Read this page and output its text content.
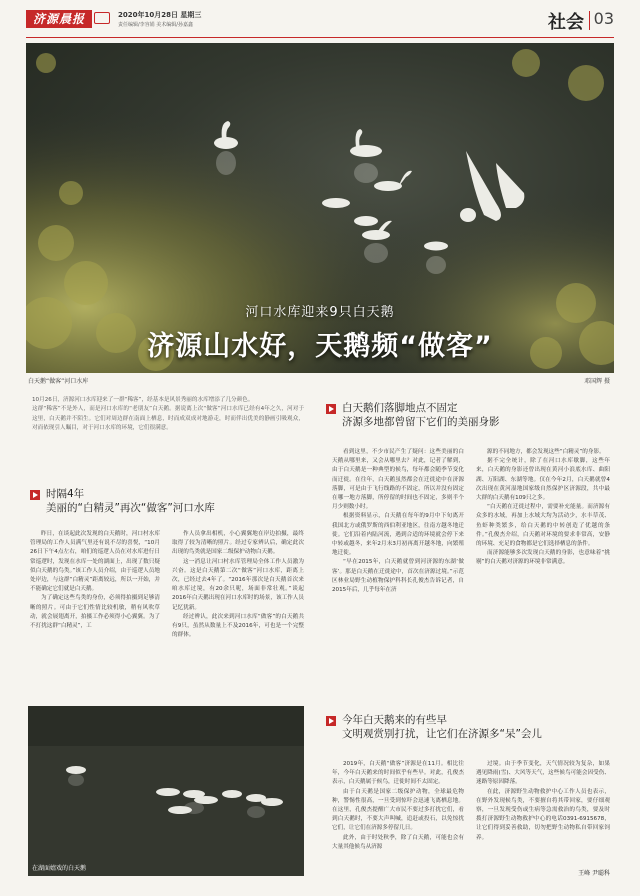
济源晨报	2020年10月28日 星期三
责任编辑/李容娟 美术编辑/孙嘉鑫	社会 03
河口水库迎来9只白天鹅
济源山水好，天鹅频“做客”
白天鹅“做客”河口水库	邓国辉 摄
10月26日，济源河口水库迎来了一群“稀客”，经基本是风景秀丽的水库增添了几分颜色。
这群“稀客”不是外人，而是河口水库的“老朋友”白天鹅。据说离上次“做客”河口水库已经有4年之久，河对于这里，白天鹅并不陌生。它们对周边群在南面上栖息，时而成双成对地游走，时而伴出优美的静画引吸观众，对而依现引人瞩目，对于河口水库的环境，它们很满意。
时隔4年
美丽的“白精灵”再次“做客”河口水库

昨日，在谈起此次发现的白天鹅时，河口村水库管理局的工作人员满气里还有说不尽的喜悦，“10月26日下午4点左右，咱们的巡逻人员在对水库进行日常巡逻时，发现在水库一处的湖面上，出现了数只疑似白天鹅的鸟类。”该工作人员介绍，由于巡逻人员地处岸边，与这群“白精灵”距离较远，所以一开始，并不能确定它们就是白天鹅。

为了确定这些鸟类的身份，必须得拍摄到足够清晰的照片。可由于它们性情比较机敏，稍有风吹草动，就会展翅离开，拍摄工作必须得小心翼翼。为了不打扰这群“白精灵”，工

作人员拿出相机，小心翼翼地在岸边拍摄，最终取得了较为清晰的照片。经过专家辨认后，确定此次出现的鸟类就是国家二级保护动物白天鹅。

这一消息让河口村水库管理局全体工作人员激为兴奋。这是白天鹅第二次“做客”河口水库，距离上次，已经过去4年了。“2016年那次是白天鹅首次来咱水库过境，有20余只呢，场面非常壮观。”谈起2016年白天鹅出现在河口水库时的场景，该工作人员记忆犹新。

经过辨认，此次来到河口水库“做客”的白天鹅共有9只，虽然从数量上不及2016年，可也是一个完整的群体。

在湖面嬉戏的白天鹅
白天鹅们落脚地点不固定
济源多地都曾留下它们的美丽身影

看到这里，不少市民产生了疑问：这些美丽的白天鹅从哪里来，又会从哪里去？对此，记者了解到，由于白天鹅是一种典型的候鸟，每年都会随季节变化而迁徙。在往年，白天鹅虽然都会在迁徙途中在济源落脚，可是由于飞行线路的不固定，所以并没有固定在哪一地方落脚，所停留的时间也不固定，多则半个月少则数小时。

根据资料显示，白天鹅在每年的9月中下旬离开我国北方或俄罗斯的西伯利亚地区，往南方越冬地迁徙。它们沿着内陆河流，遇到合适的环境就会停下来中转或越冬，来年2月末3月初再离开越冬地，向繁殖地迁徙。

“早在2015年，白天鹅就曾到河济源的东湖‘做客’。那是白天鹅在迁徙途中，首次在济源过境。”示范区林业局野生动植物保护科科长孔俊杰告诉记者，自2015年后，几乎每年在济

源的不同地方，都会发现这些“白精灵”的身影。

据不完全统计，除了在河口水库歇脚，这些年来，白天鹅的身影还曾出现在黄河小浪底水库、曲阳湖、万阳湖、东湖等地。仅在今年2月，白天鹅就曾4次出现在黄河湿地国家级自然保护区济源段，共中最大群的白天鹅有109只之多。

“白天鹅在迁徙过程中，需要补充能量。而济源有众多的水域，再加上水域大均为活动少，水丰草茂、鱼虾种类繁多，给白天鹅的中转创造了优越的条件。”孔俊杰介绍，白天鹅对环境的要求非常高，安静的环境、充足的食物都是它们选择栖息的条件。

而济源能够多次发现白天鹅的身影，也意味着“挑剔”的白天鹅对济源的环境非常满意。

今年白天鹅来的有些早
文明观赏别打扰，让它们在济源多“呆”会儿

2019年，白天鹅“做客”济源是在11月。相比往年，今年白天鹅来的时间似乎有些早。对此，孔俊杰表示，白天鹅属于候鸟，迁徙时间不太固定。

由于白天鹅是国家二级保护动物，全球最危物种，警惕性很高，一旦受到惊吓会迅速飞离栖息地。在这里，孔俊杰提醒广大市民不要过多打扰它们，看到白天鹅时，不要大声叫喊，追赶或投石，以免惊扰它们，让它们在济源多停留几日。

此外，由于时处秋季，除了白天鹅，可能也会有大量其他候鸟从济源

过境。由于季节变化，天气情况较为复杂，如果遇见降雨(雪)、大风等天气，这些候鸟可能会因受伤、迷路等原因降落。

在此，济源野生动物救护中心工作人员也表示，在野外发现候鸟类，不要擅自将其带回家，要仔细观察，一旦发现受伤或生病等急需救治的鸟类，要及时拨打济源野生动物救护中心的电话0391-6915678，让它们得到妥善救助，切勿把野生动物私自带回家饲养。

王峰 尹聪科
